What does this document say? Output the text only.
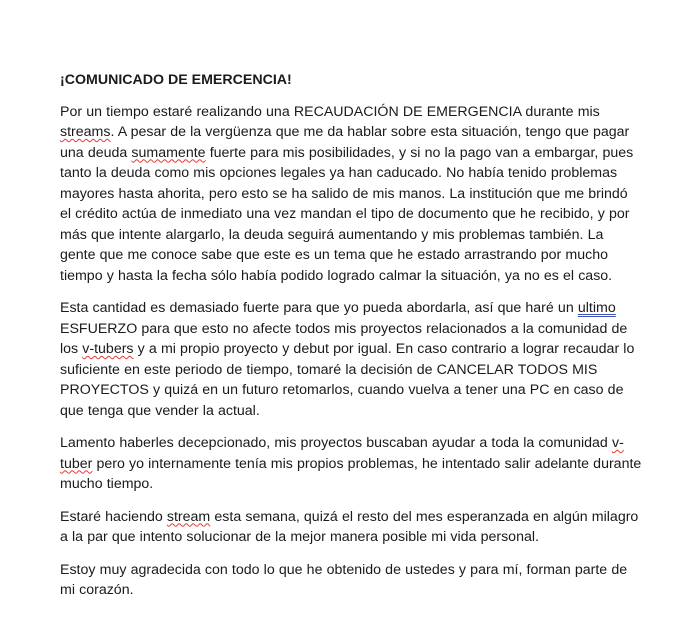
¡COMUNICADO DE EMERCENCIA!

Por un tiempo estaré realizando una RECAUDACIÓN DE EMERGENCIA durante mis streams. A pesar de la vergüenza que me da hablar sobre esta situación, tengo que pagar una deuda sumamente fuerte para mis posibilidades, y si no la pago van a embargar, pues tanto la deuda como mis opciones legales ya han caducado. No había tenido problemas mayores hasta ahorita, pero esto se ha salido de mis manos. La institución que me brindó el crédito actúa de inmediato una vez mandan el tipo de documento que he recibido, y por más que intente alargarlo, la deuda seguirá aumentando y mis problemas también. La gente que me conoce sabe que este es un tema que he estado arrastrando por mucho tiempo y hasta la fecha sólo había podido logrado calmar la situación, ya no es el caso.

Esta cantidad es demasiado fuerte para que yo pueda abordarla, así que haré un ultimo ESFUERZO para que esto no afecte todos mis proyectos relacionados a la comunidad de los v-tubers y a mi propio proyecto y debut por igual. En caso contrario a lograr recaudar lo suficiente en este periodo de tiempo, tomaré la decisión de CANCELAR TODOS MIS PROYECTOS y quizá en un futuro retomarlos, cuando vuelva a tener una PC en caso de que tenga que vender la actual.

Lamento haberles decepcionado, mis proyectos buscaban ayudar a toda la comunidad v-tuber pero yo internamente tenía mis propios problemas, he intentado salir adelante durante mucho tiempo.

Estaré haciendo stream esta semana, quizá el resto del mes esperanzada en algún milagro a la par que intento solucionar de la mejor manera posible mi vida personal.

Estoy muy agradecida con todo lo que he obtenido de ustedes y para mí, forman parte de mi corazón.
